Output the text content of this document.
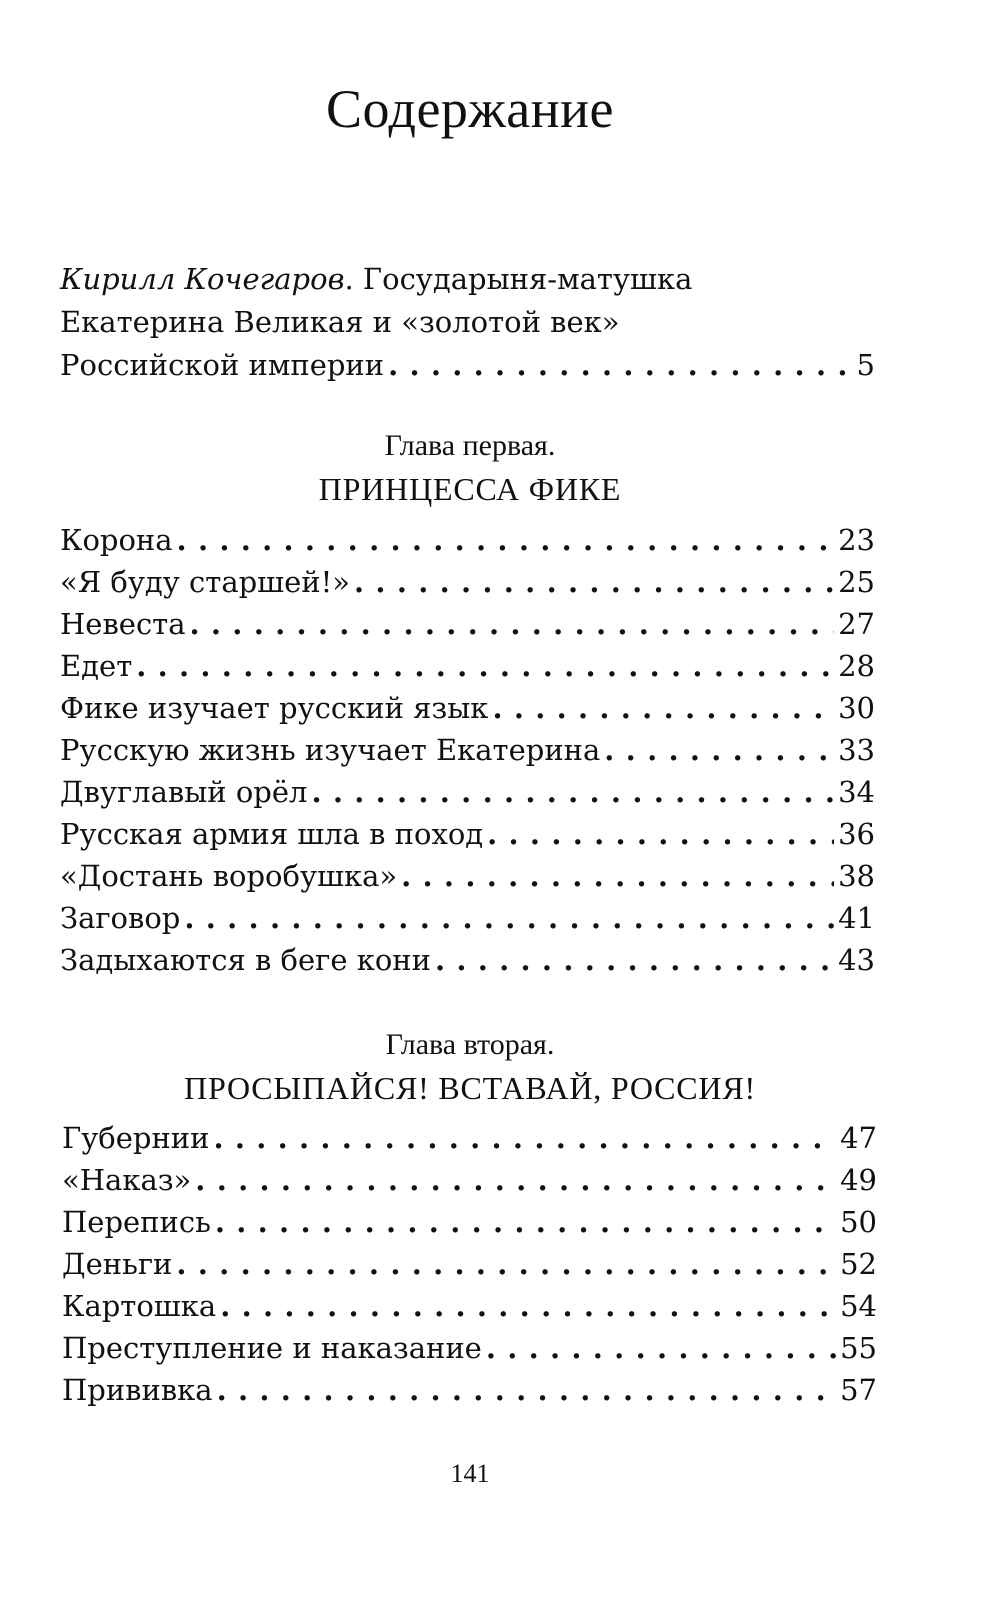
Содержание
Кирилл Кочегаров. Государыня-матушка
Екатерина Великая и «золотой век»
Российской империи . . .	5
Глава первая.
ПРИНЦЕССА ФИКЕ
Корона . . .	23
«Я буду старшей!» . . .	25
Невеста . . .	27
Едет . . .	28
Фике изучает русский язык . . .	30
Русскую жизнь изучает Екатерина . . .	33
Двуглавый орёл . . .	34
Русская армия шла в поход . . .	36
«Достань воробушка» . . .	38
Заговор . . .	41
Задыхаются в беге кони . . .	43
Глава вторая.
ПРОСЫПАЙСЯ! ВСТАВАЙ, РОССИЯ!
Губернии . . .	47
«Наказ» . . .	49
Перепись . . .	50
Деньги . . .	52
Картошка . . .	54
Преступление и наказание . . .	55
Прививка . . .	57
141
